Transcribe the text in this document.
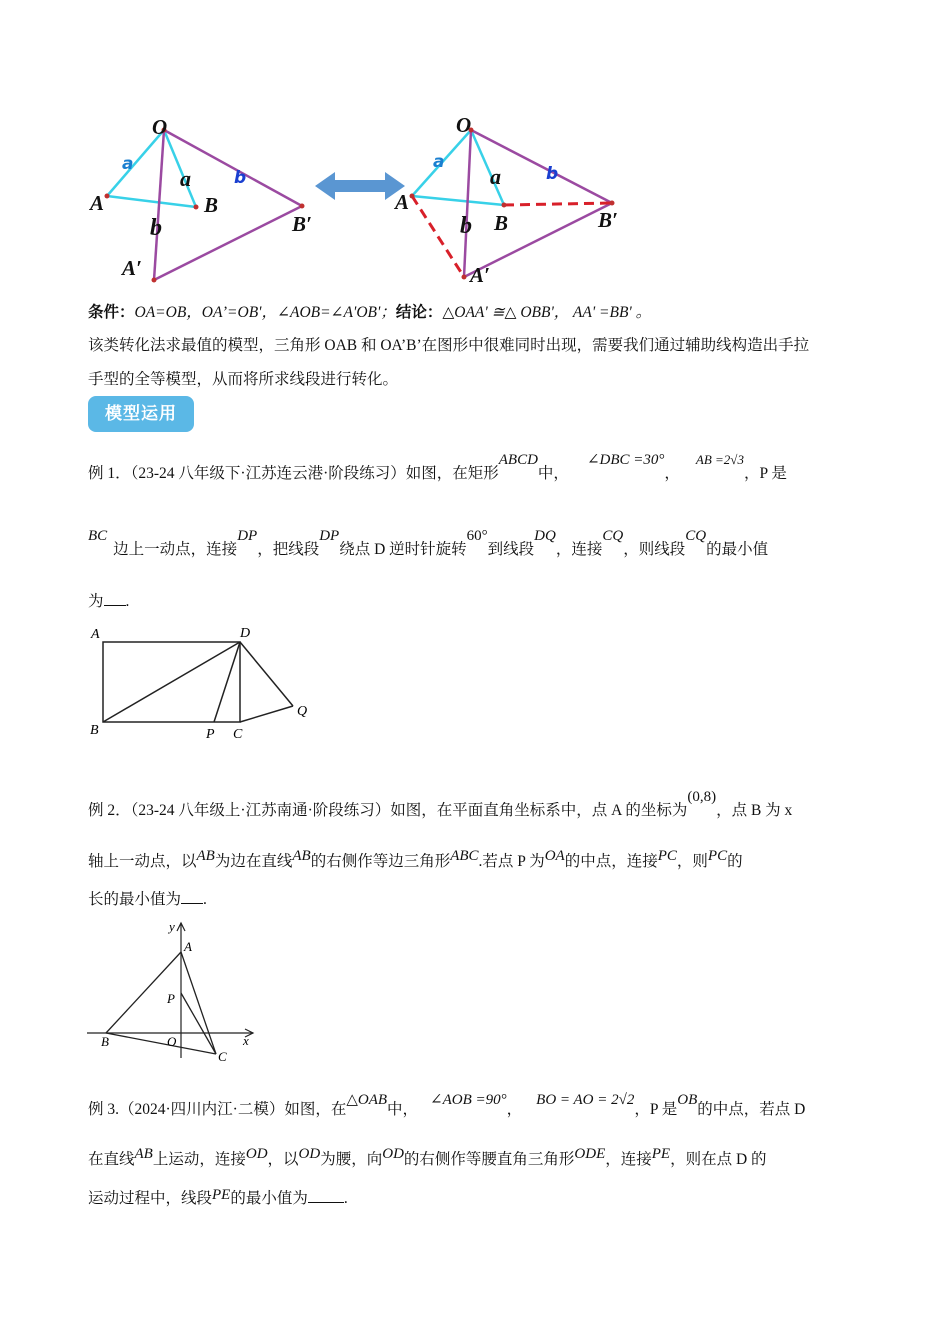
O
a
a	b
A	B
b	B′
A′
O
a
a	b
A
B
b	B′
A′
条件：OA=OB，OA’=OB'，∠AOB=∠A'OB'；结论：△OAA' ≅△ OBB'， AA' =BB' 。
该类转化法求最值的模型，三角形 OAB 和 OA’B’在图形中很难同时出现，需要我们通过辅助线构造出手拉
手型的全等模型，从而将所求线段进行转化。
模型运用
例 1．（23-24 八年级下·江苏连云港·阶段练习）如图，在矩形ABCD中，∠DBC =30°，$^{AB =2√3}$，P 是
BC边上一动点，连接DP，把线段DP绕点 D 逆时针旋转60°到线段DQ，连接CQ，则线段CQ的最小值
为 .
A	D
B	P C
Q
例 2．（23-24 八年级上·江苏南通·阶段练习）如图，在平面直角坐标系中，点 A 的坐标为(0,8)，点 B 为 x
轴上一动点，以AB为边在直线AB的右侧作等边三角形ABC.若点 P 为OA的中点，连接PC，则PC的
长的最小值为 .
y
A
P
B	O	x
C
例 3.（2024·四川内江·二模）如图，在△OAB中，∠AOB =90°，BO = AO = 2√2，P 是OB的中点，若点 D
在直线AB上运动，连接OD，以OD为腰，向OD的右侧作等腰直角三角形ODE，连接PE，则在点 D 的
运动过程中，线段PE的最小值为 .
